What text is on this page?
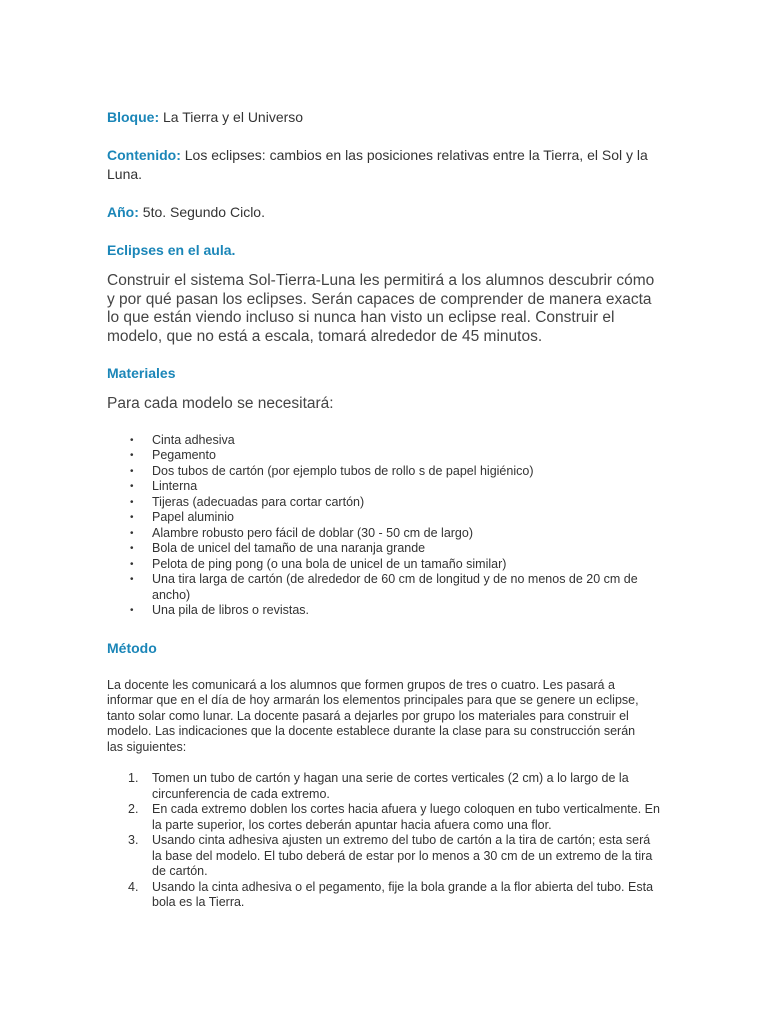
Bloque: La Tierra y el Universo

Contenido: Los eclipses: cambios en las posiciones relativas entre la Tierra, el Sol y la Luna.

Año: 5to. Segundo Ciclo.

Eclipses en el aula.

Construir el sistema Sol-Tierra-Luna les permitirá a los alumnos descubrir cómo y por qué pasan los eclipses. Serán capaces de comprender de manera exacta lo que están viendo incluso si nunca han visto un eclipse real. Construir el modelo, que no está a escala, tomará alrededor de 45 minutos.

Materiales

Para cada modelo se necesitará:

• Cinta adhesiva
• Pegamento
• Dos tubos de cartón (por ejemplo tubos de rollo s de papel higiénico)
• Linterna
• Tijeras (adecuadas para cortar cartón)
• Papel aluminio
• Alambre robusto pero fácil de doblar (30 - 50 cm de largo)
• Bola de unicel del tamaño de una naranja grande
• Pelota de ping pong (o una bola de unicel de un tamaño similar)
• Una tira larga de cartón (de alrededor de 60 cm de longitud y de no menos de 20 cm de ancho)
• Una pila de libros o revistas.
Método

La docente les comunicará a los alumnos que formen grupos de tres o cuatro. Les pasará a informar que en el día de hoy armarán los elementos principales para que se genere un eclipse, tanto solar como lunar. La docente pasará a dejarles por grupo los materiales para construir el modelo. Las indicaciones que la docente establece durante la clase para su construcción serán las siguientes:

1. Tomen un tubo de cartón y hagan una serie de cortes verticales (2 cm) a lo largo de la circunferencia de cada extremo.
2. En cada extremo doblen los cortes hacia afuera y luego coloquen en tubo verticalmente. En la parte superior, los cortes deberán apuntar hacia afuera como una flor.
3. Usando cinta adhesiva ajusten un extremo del tubo de cartón a la tira de cartón; esta será la base del modelo. El tubo deberá de estar por lo menos a 30 cm de un extremo de la tira de cartón.
4. Usando la cinta adhesiva o el pegamento, fije la bola grande a la flor abierta del tubo. Esta bola es la Tierra.
